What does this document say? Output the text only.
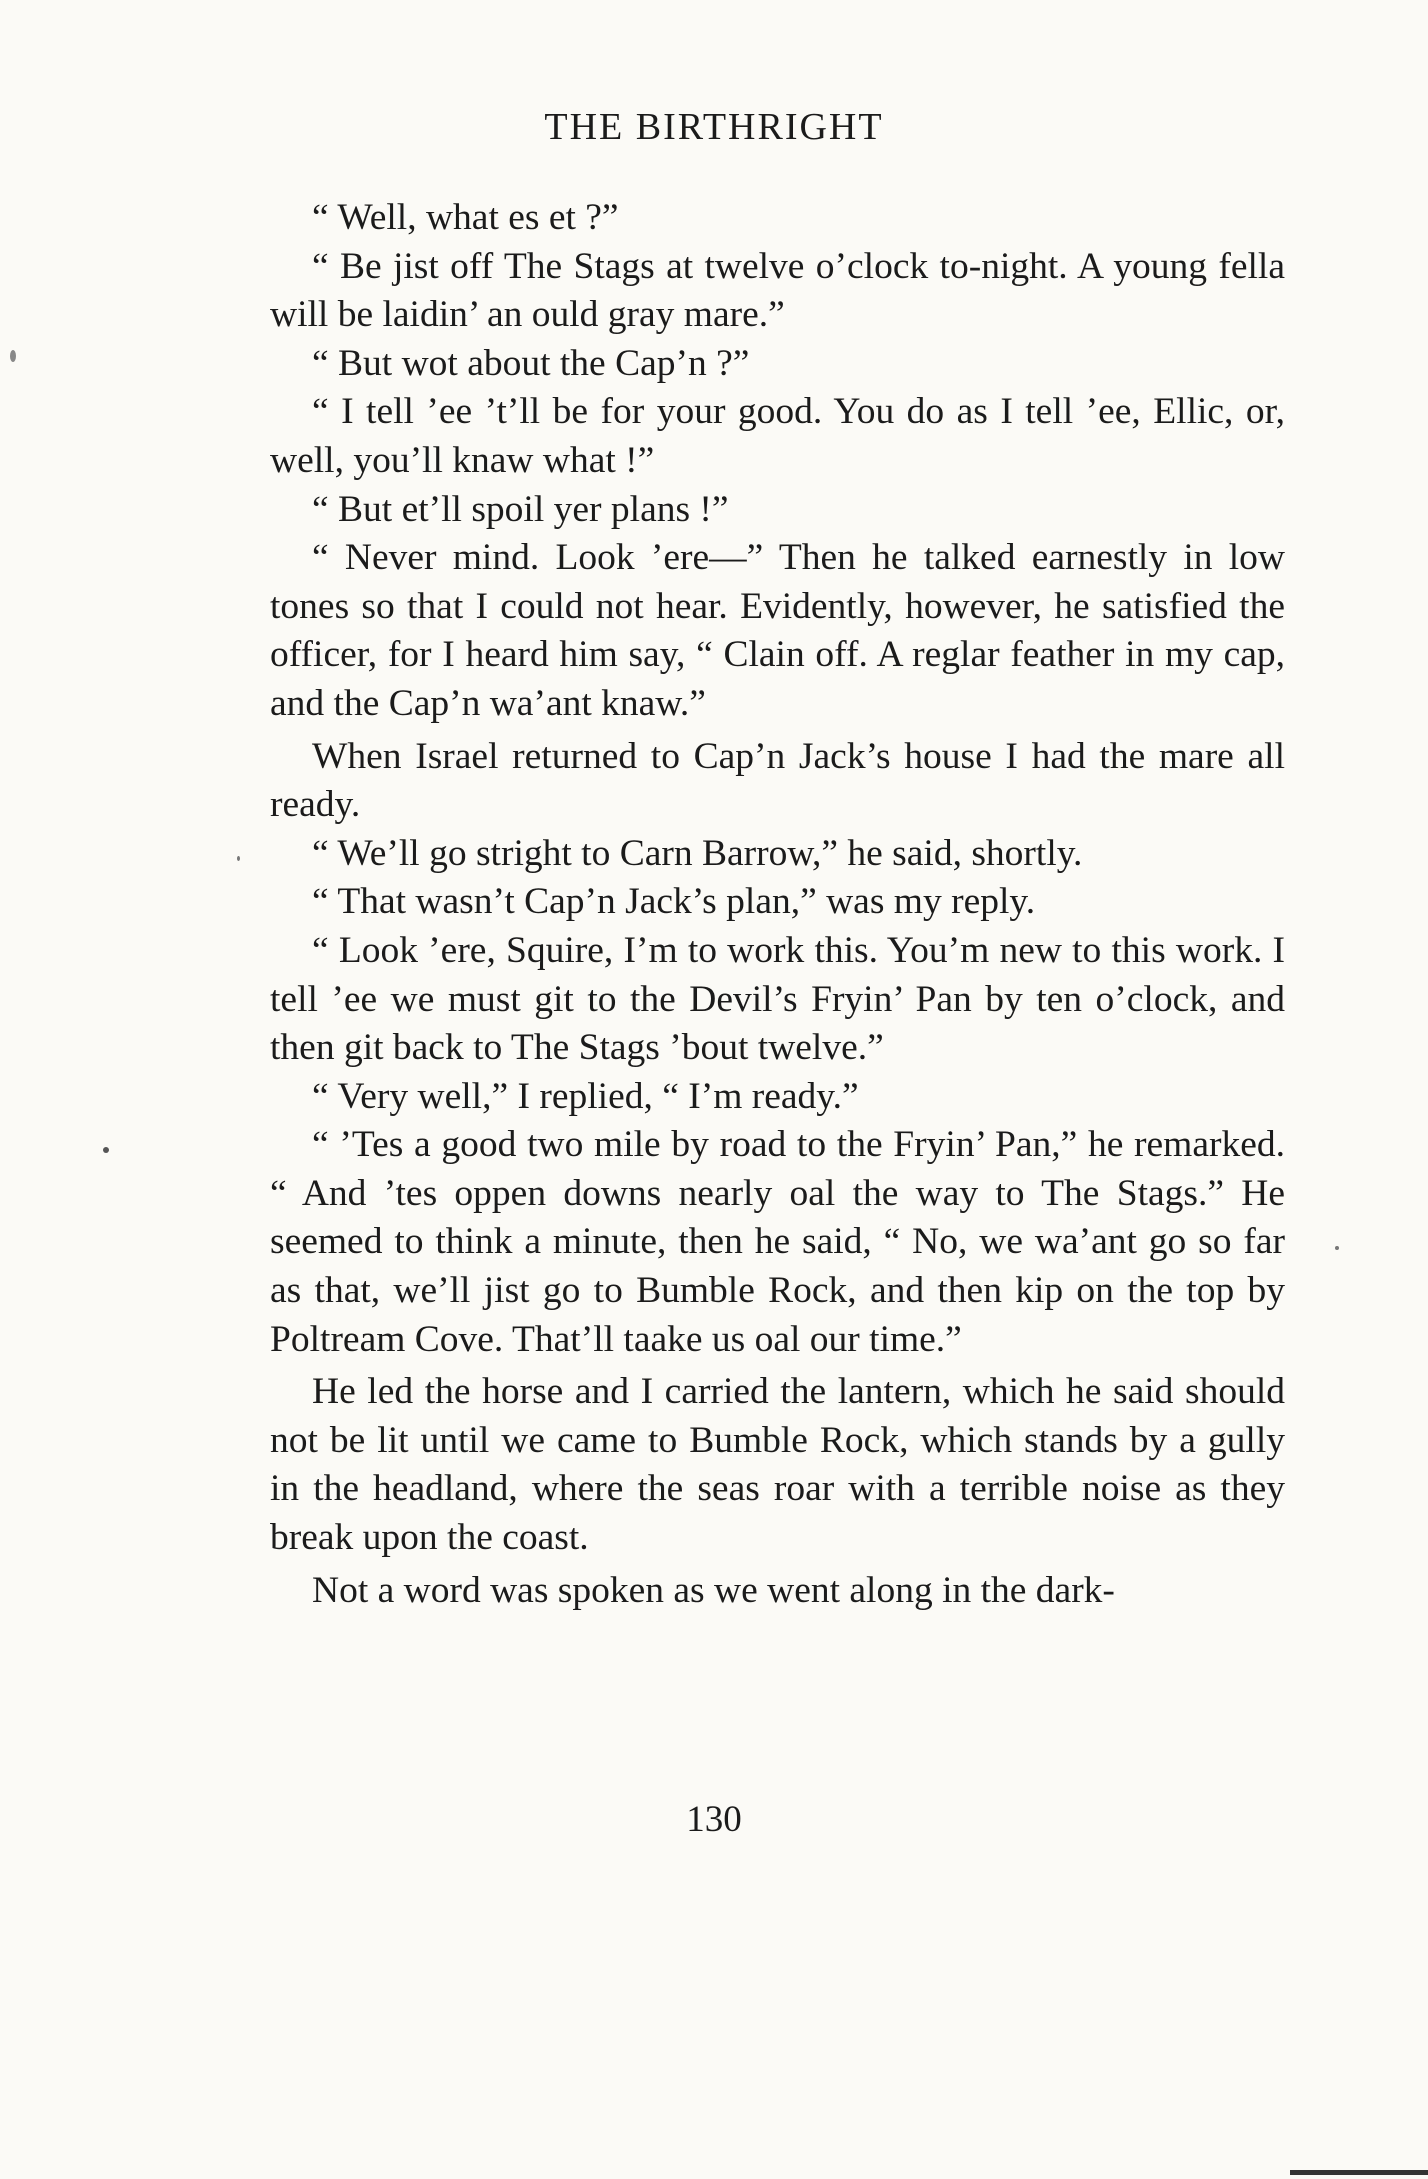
THE BIRTHRIGHT

“ Well, what es et ?”

“ Be jist off The Stags at twelve o’clock to-night. A young fella will be laidin’ an ould gray mare.”

“ But wot about the Cap’n ?”

“ I tell ’ee ’t’ll be for your good. You do as I tell ’ee, Ellic, or, well, you’ll knaw what !”

“ But et’ll spoil yer plans !”

“ Never mind. Look ’ere—” Then he talked earnestly in low tones so that I could not hear. Evidently, however, he satisfied the officer, for I heard him say, “ Clain off. A reglar feather in my cap, and the Cap’n wa’ant knaw.”

When Israel returned to Cap’n Jack’s house I had the mare all ready.

“ We’ll go stright to Carn Barrow,” he said, shortly.

“ That wasn’t Cap’n Jack’s plan,” was my reply.

“ Look ’ere, Squire, I’m to work this. You’m new to this work. I tell ’ee we must git to the Devil’s Fryin’ Pan by ten o’clock, and then git back to The Stags ’bout twelve.”

“ Very well,” I replied, “ I’m ready.”

“ ’Tes a good two mile by road to the Fryin’ Pan,” he remarked. “ And ’tes oppen downs nearly oal the way to The Stags.” He seemed to think a minute, then he said, “ No, we wa’ant go so far as that, we’ll jist go to Bumble Rock, and then kip on the top by Poltream Cove. That’ll taake us oal our time.”

He led the horse and I carried the lantern, which he said should not be lit until we came to Bumble Rock, which stands by a gully in the headland, where the seas roar with a terrible noise as they break upon the coast.

Not a word was spoken as we went along in the dark-

130
